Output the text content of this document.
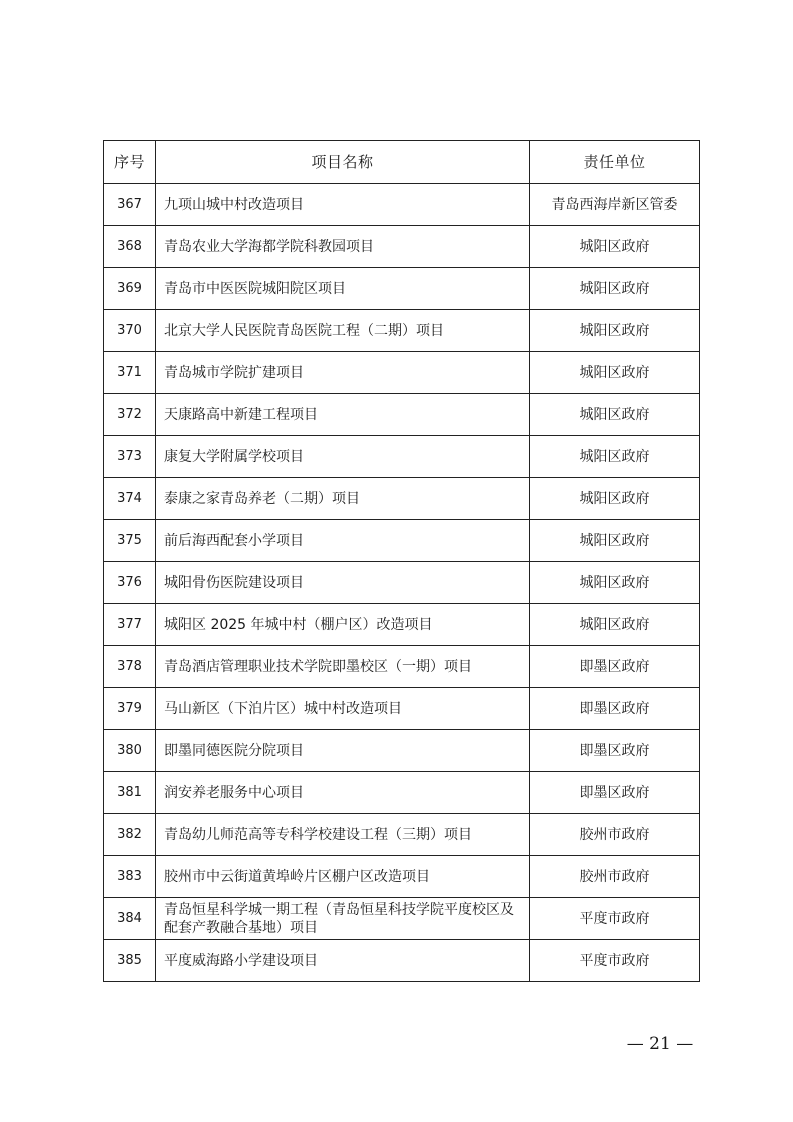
序号	项目名称	责任单位
367	九项山城中村改造项目	青岛西海岸新区管委
368	青岛农业大学海都学院科教园项目	城阳区政府
369	青岛市中医医院城阳院区项目	城阳区政府
370	北京大学人民医院青岛医院工程（二期）项目	城阳区政府
371	青岛城市学院扩建项目	城阳区政府
372	天康路高中新建工程项目	城阳区政府
373	康复大学附属学校项目	城阳区政府
374	泰康之家青岛养老（二期）项目	城阳区政府
375	前后海西配套小学项目	城阳区政府
376	城阳骨伤医院建设项目	城阳区政府
377	城阳区 2025 年城中村（棚户区）改造项目	城阳区政府
378	青岛酒店管理职业技术学院即墨校区（一期）项目	即墨区政府
379	马山新区（下泊片区）城中村改造项目	即墨区政府
380	即墨同德医院分院项目	即墨区政府
381	润安养老服务中心项目	即墨区政府
382	青岛幼儿师范高等专科学校建设工程（三期）项目	胶州市政府
383	胶州市中云街道黄埠岭片区棚户区改造项目	胶州市政府
384	青岛恒星科学城一期工程（青岛恒星科技学院平度校区及配套产教融合基地）项目	平度市政府
385	平度威海路小学建设项目	平度市政府
— 21 —
